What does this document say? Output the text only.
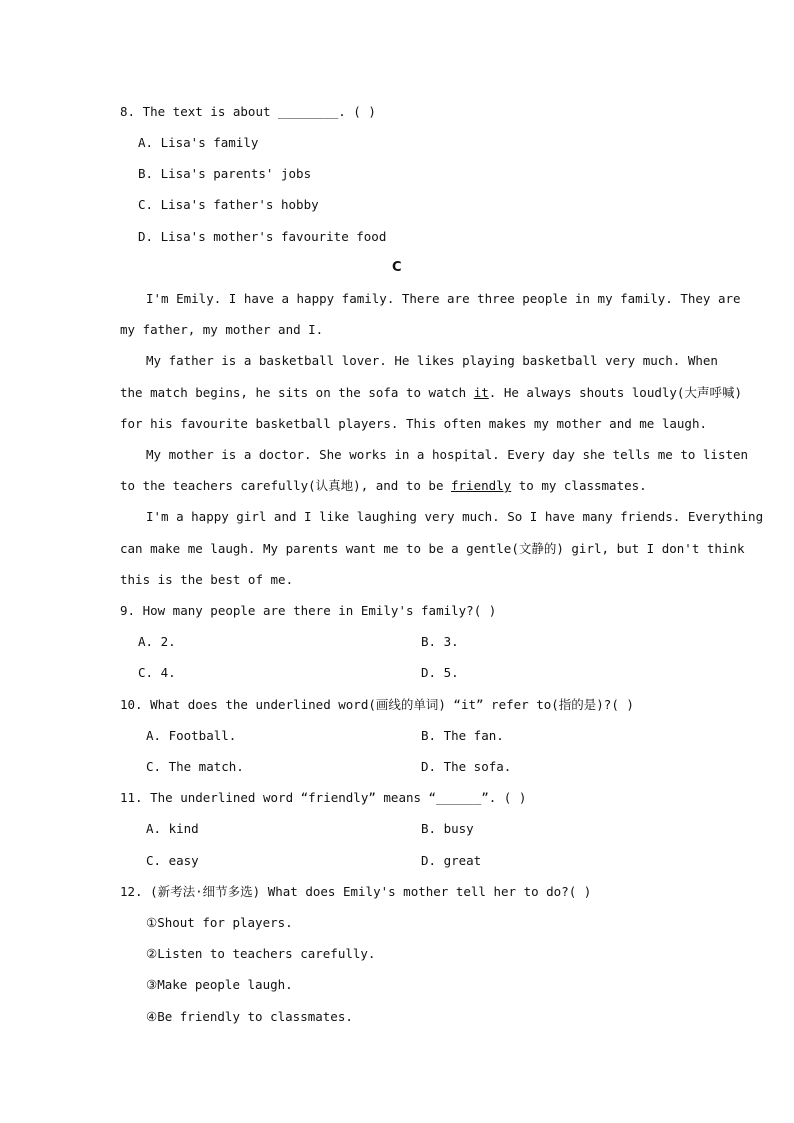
8. The text is about ________. ( )
A. Lisa's family
B. Lisa's parents' jobs
C. Lisa's father's hobby
D. Lisa's mother's favourite food
C
I'm Emily. I have a happy family. There are three people in my family. They are
my father, my mother and I.
My father is a basketball lover. He likes playing basketball very much. When
the match begins, he sits on the sofa to watch it. He always shouts loudly(大声呼喊)
for his favourite basketball players. This often makes my mother and me laugh.
My mother is a doctor. She works in a hospital. Every day she tells me to listen
to the teachers carefully(认真地), and to be friendly to my classmates.
I'm a happy girl and I like laughing very much. So I have many friends. Everything
can make me laugh. My parents want me to be a gentle(文静的) girl, but I don't think
this is the best of me.
9. How many people are there in Emily's family?( )
A. 2.	B. 3.
C. 4.	D. 5.
10. What does the underlined word(画线的单词) “it” refer to(指的是)?( )
A. Football.	B. The fan.
C. The match.	D. The sofa.
11. The underlined word “friendly” means “______”. ( )
A. kind	B. busy
C. easy	D. great
12. (新考法·细节多选) What does Emily's mother tell her to do?( )
①Shout for players.
②Listen to teachers carefully.
③Make people laugh.
④Be friendly to classmates.
